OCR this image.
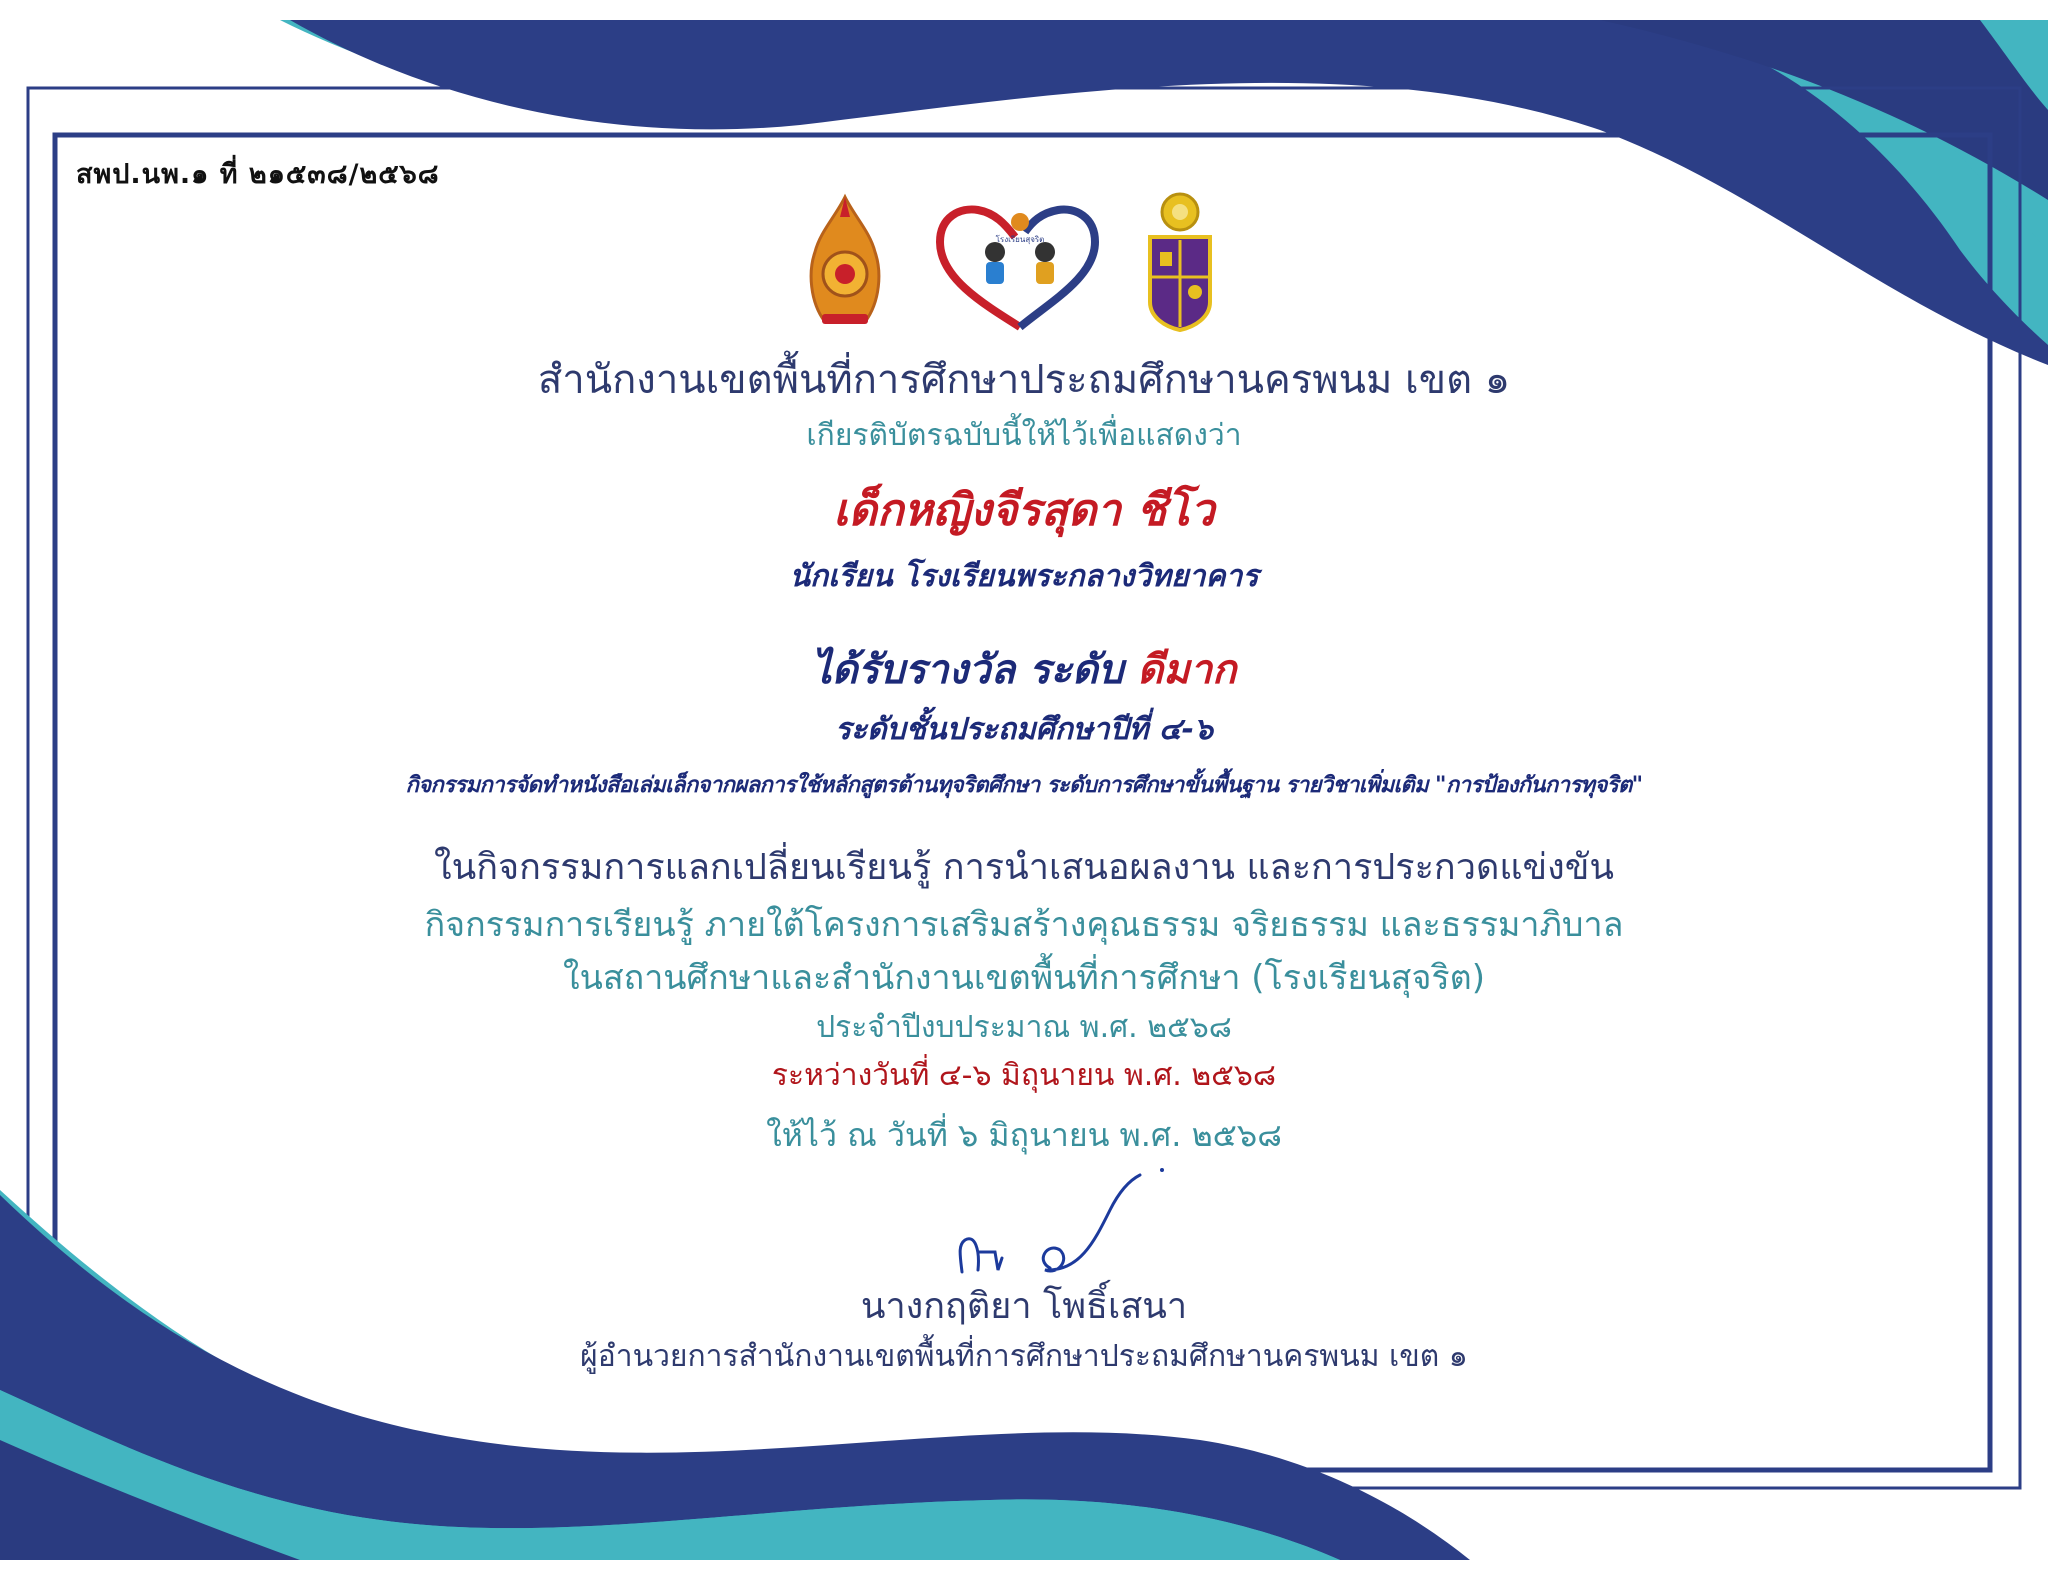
สพป.นพ.๑ ที่ ๒๑๕๓๘/๒๕๖๘
โรงเรียนสุจริต
สำนักงานเขตพื้นที่การศึกษาประถมศึกษานครพนม เขต ๑
เกียรติบัตรฉบับนี้ให้ไว้เพื่อแสดงว่า
เด็กหญิงจีรสุดา ชีโว
นักเรียน โรงเรียนพระกลางวิทยาคาร
ได้รับรางวัล ระดับ ดีมาก
ระดับชั้นประถมศึกษาปีที่ ๔-๖
กิจกรรมการจัดทำหนังสือเล่มเล็กจากผลการใช้หลักสูตรต้านทุจริตศึกษา ระดับการศึกษาขั้นพื้นฐาน รายวิชาเพิ่มเติม "การป้องกันการทุจริต"
ในกิจกรรมการแลกเปลี่ยนเรียนรู้ การนำเสนอผลงาน และการประกวดแข่งขัน
กิจกรรมการเรียนรู้ ภายใต้โครงการเสริมสร้างคุณธรรม จริยธรรม และธรรมาภิบาล
ในสถานศึกษาและสำนักงานเขตพื้นที่การศึกษา (โรงเรียนสุจริต)
ประจำปีงบประมาณ พ.ศ. ๒๕๖๘
ระหว่างวันที่ ๔-๖ มิถุนายน พ.ศ. ๒๕๖๘
ให้ไว้ ณ วันที่ ๖ มิถุนายน พ.ศ. ๒๕๖๘
นางกฤติยา โพธิ์เสนา
ผู้อำนวยการสำนักงานเขตพื้นที่การศึกษาประถมศึกษานครพนม เขต ๑
